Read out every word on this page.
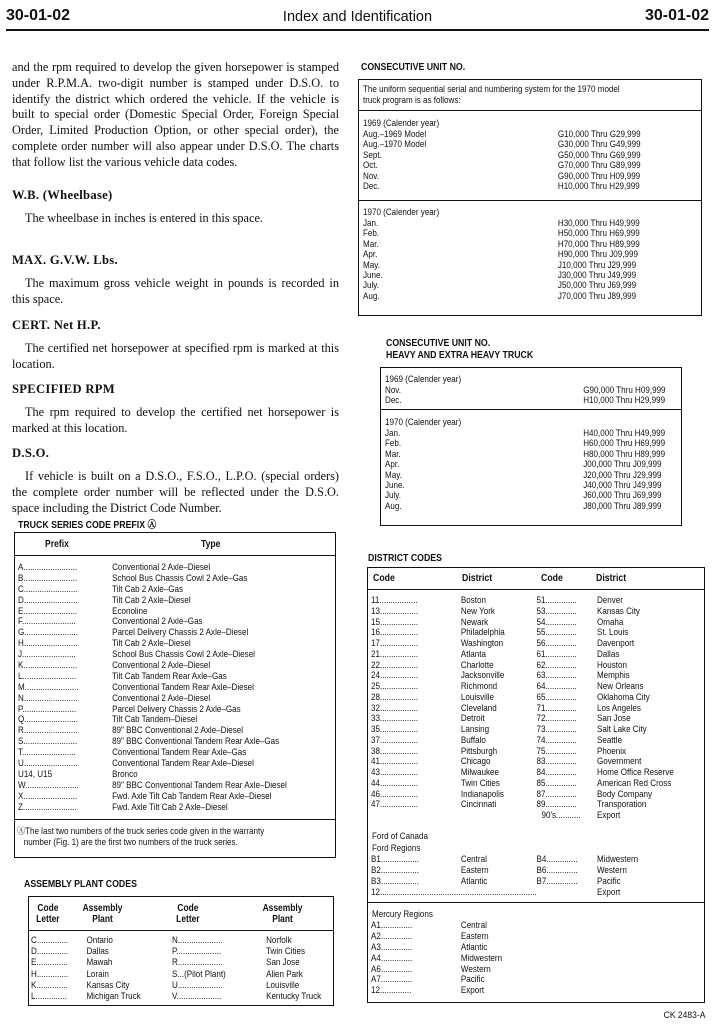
30-01-02	Index and Identification	30-01-02

and the rpm required to develop the given horsepower is stamped under R.P.M.A. two-digit number is stamped under D.S.O. to identify the district which ordered the vehicle. If the vehicle is built to special order (Domestic Special Order, Foreign Special Order, Limited Production Option, or other special order), the complete order number will also appear under D.S.O. The charts that follow list the various vehicle data codes.

W.B. (Wheelbase)

The wheelbase in inches is entered in this space.

MAX. G.V.W. Lbs.

The maximum gross vehicle weight in pounds is recorded in this space.

CERT. Net H.P.

The certified net horsepower at specified rpm is marked at this location.

SPECIFIED RPM

The rpm required to develop the certified net horsepower is marked at this location.

D.S.O.

If vehicle is built on a D.S.O., F.S.O., L.P.O. (special orders) the complete order number will be reflected under the D.S.O. space including the District Code Number.

TRUCK SERIES CODE PREFIX Ⓐ
Prefix	Type
A........................	Conventional 2 Axle–Diesel
B........................	School Bus Chassis Cowl 2 Axle–Gas
C........................	Tilt Cab 2 Axle–Gas
D........................	Tilt Cab 2 Axle–Diesel
E........................	Econoline
F........................	Conventional 2 Axle–Gas
G........................	Parcel Delivery Chassis 2 Axle–Diesel
H........................	Tilt Cab 2 Axle–Diesel
J........................	School Bus Chassis Cowl 2 Axle–Diesel
K........................	Conventional 2 Axle–Diesel
L........................	Tilt Cab Tandem Rear Axle–Gas
M........................	Conventional Tandem Rear Axle–Diesel
N........................	Conventional 2 Axle–Diesel
P........................	Parcel Delivery Chassis 2 Axle–Gas
Q........................	Tilt Cab Tandem–Diesel
R........................	89" BBC Conventional 2 Axle–Diesel
S........................	89" BBC Conventional Tandem Rear Axle–Gas
T........................	Conventional Tandem Rear Axle–Gas
U........................	Conventional Tandem Rear Axle–Diesel
U14, U15	Bronco
W........................	89" BBC Conventional Tandem Rear Axle–Diesel
X........................	Fwd. Axle Tilt Cab Tandem Rear Axle–Diesel
Z........................	Fwd. Axle Tilt Cab 2 Axle–Diesel
ⒶThe last two numbers of the truck series code given in the warranty
number (Fig. 1) are the first two numbers of the truck series.
ASSEMBLY PLANT CODES
Code
Letter
Assembly
Plant
Code
Letter
Assembly
Plant
C.............. Ontario
D.............. Dallas
E.............. Mawah
H.............. Lorain
K.............. Kansas City
L.............. Michigan Truck
N....................	Norfolk
P....................	Twin Cities
R....................	San Jose
S...(Pilot Plant)	Alien Park
U....................	Louisville
V....................	Kentucky Truck
CONSECUTIVE UNIT NO.
The uniform sequential serial and numbering system for the 1970 model
truck program is as follows:
1969 (Calender year)
Aug.–1969 Model	G10,000 Thru G29,999
Aug.–1970 Model	G30,000 Thru G49,999
Sept.	G50,000 Thru G69,999
Oct.	G70,000 Thru G89,999
Nov.	G90,000 Thru H09,999
Dec.	H10,000 Thru H29,999
1970 (Calender year)
Jan.	H30,000 Thru H49,999
Feb.	H50,000 Thru H69,999
Mar.	H70,000 Thru H89,999
Apr.	H90,000 Thru J09,999
May.	J10,000 Thru J29,999
June.	J30,000 Thru J49,999
July.	J50,000 Thru J69,999
Aug.	J70,000 Thru J89,999
CONSECUTIVE UNIT NO.
HEAVY AND EXTRA HEAVY TRUCK
1969 (Calender year)
Nov.	G90,000 Thru H09,999
Dec.	H10,000 Thru H29,999
1970 (Calender year)
Jan.	H40,000 Thru H49,999
Feb.	H60,000 Thru H69,999
Mar.	H80,000 Thru H89,999
Apr.	J00,000 Thru J09,999
May.	J20,000 Thru J29,999
June.	J40,000 Thru J49,999
July.	J60,000 Thru J69,999
Aug.	J80,000 Thru J89,999
DISTRICT CODES
Code	District	Code	District
11.................	Boston	51.............. Denver
13.................	New York	53.............. Kansas City
15.................	Newark	54.............. Omaha
16.................	Philadelphia	55.............. St. Louis
17.................	Washington	56.............. Davenport
21.................	Atlanta	61.............. Dallas
22.................	Charlotte	62.............. Houston
24.................	Jacksonville	63.............. Memphis
25.................	Richmond	64.............. New Orleans
28.................	Louisville	65.............. Oklahoma City
32.................	Cleveland	71.............. Los Angeles
33.................	Detroit	72.............. San Jose
35.................	Lansing	73.............. Salt Lake City
37.................	Buffalo	74.............. Seattle
38.................	Pittsburgh	75.............. Phoenix
41.................	Chicago	83.............. Government
43.................	Milwaukee	84.............. Home Office Reserve
44.................	Twin Cities	85.............. American Red Cross
46.................	Indianapolis	87.............. Body Company
47.................	Cincinnati	89.............. Transporation
90's........... Export
Ford of Canada
Ford Regions
B1.................	Central	B4.............. Midwestern
B2.................	Eastern	B6.............. Western
B3.................	Atlantic	B7.............. Pacific
12......................................................................	Export
Mercury Regions
A1..............	Central
A2..............	Eastern
A3..............	Atlantic
A4..............	Midwestern
A6..............	Western
A7..............	Pacific
12..............	Export
CK 2483-A
